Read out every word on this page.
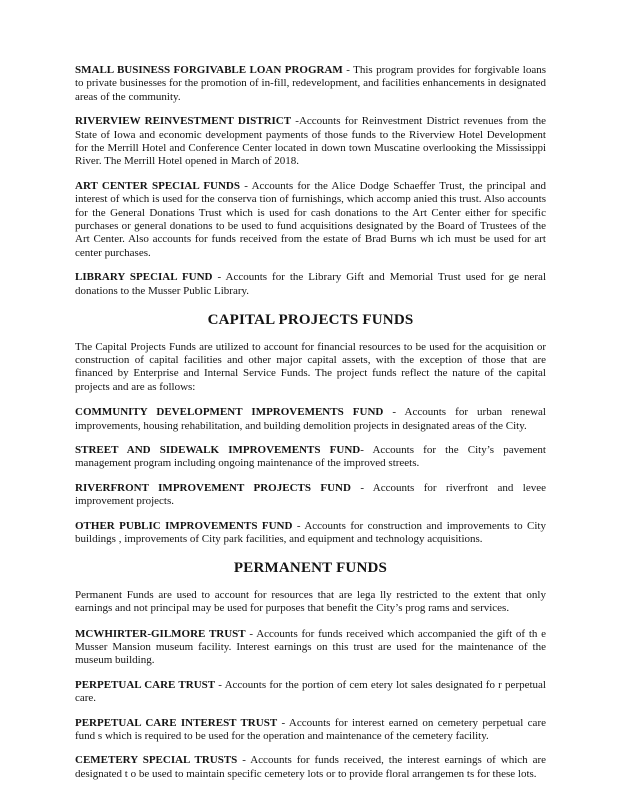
SMALL BUSINESS FORGIVABLE LOAN PROGRAM - This program provides for forgivable loans to private businesses for the promotion of in-fill, redevelopment, and facilities enhancements in designated areas of the community.

RIVERVIEW REINVESTMENT DISTRICT -Accounts for Reinvestment District revenues from the State of Iowa and economic development payments of those funds to the Riverview Hotel Development for the Merrill Hotel and Conference Center located in down town Muscatine overlooking the Mississippi River. The Merrill Hotel opened in March of 2018.

ART CENTER SPECIAL FUNDS - Accounts for the Alice Dodge Schaeffer Trust, the principal and interest of which is used for the conserva tion of furnishings, which accomp anied this trust. Also accounts for the General Donations Trust which is used for cash donations to the Art Center either for specific purchases or general donations to be used to fund acquisitions designated by the Board of Trustees of the Art Center. Also accounts for funds received from the estate of Brad Burns wh ich must be used for art center purchases.

LIBRARY SPECIAL FUND - Accounts for the Library Gift and Memorial Trust used for ge neral donations to the Musser Public Library.

CAPITAL PROJECTS FUNDS

The Capital Projects Funds are utilized to account for financial resources to be used for the acquisition or construction of capital facilities and other major capital assets, with the exception of those that are financed by Enterprise and Internal Service Funds. The project funds reflect the nature of the capital projects and are as follows:

COMMUNITY DEVELOPMENT IMPROVEMENTS FUND - Accounts for urban renewal improvements, housing rehabilitation, and building demolition projects in designated areas of the City.

STREET AND SIDEWALK IMPROVEMENTS FUND- Accounts for the City’s pavement management program including ongoing maintenance of the improved streets.

RIVERFRONT IMPROVEMENT PROJECTS FUND - Accounts for riverfront and levee improvement projects.

OTHER PUBLIC IMPROVEMENTS FUND - Accounts for construction and improvements to City buildings , improvements of City park facilities, and equipment and technology acquisitions.

PERMANENT FUNDS

Permanent Funds are used to account for resources that are lega lly restricted to the extent that only earnings and not principal may be used for purposes that benefit the City’s prog rams and services.

MCWHIRTER-GILMORE TRUST - Accounts for funds received which accompanied the gift of th e Musser Mansion museum facility. Interest earnings on this trust are used for the maintenance of the museum building.

PERPETUAL CARE TRUST - Accounts for the portion of cem etery lot sales designated fo r perpetual care.

PERPETUAL CARE INTEREST TRUST - Accounts for interest earned on cemetery perpetual care fund s which is required to be used for the operation and maintenance of the cemetery facility.

CEMETERY SPECIAL TRUSTS - Accounts for funds received, the interest earnings of which are designated t o be used to maintain specific cemetery lots or to provide floral arrangemen ts for these lots.
